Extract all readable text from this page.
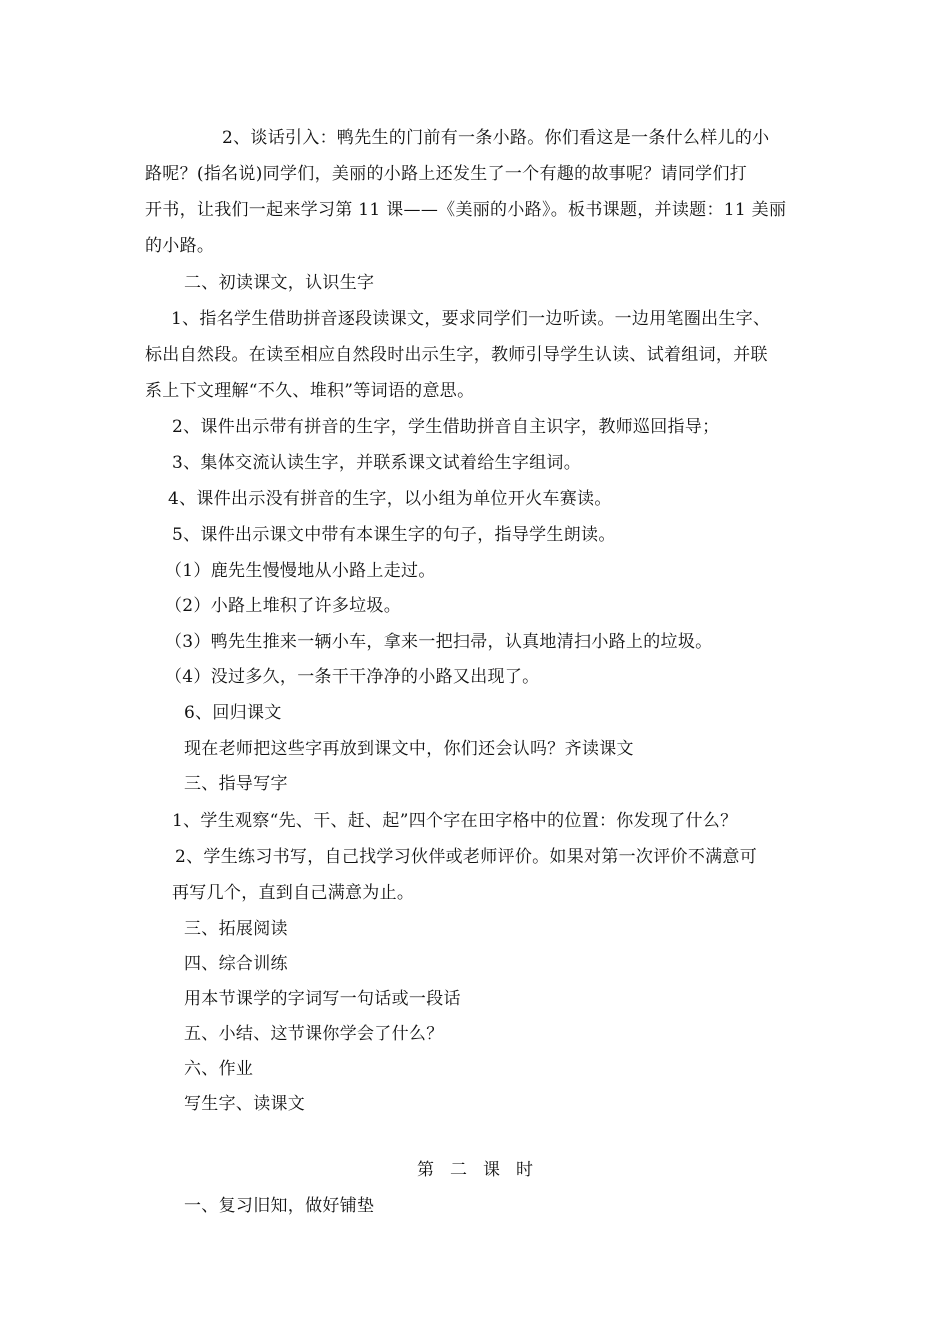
2、谈话引入：鸭先生的门前有一条小路。你们看这是一条什么样儿的小
路呢？(指名说)同学们，美丽的小路上还发生了一个有趣的故事呢？请同学们打
开书，让我们一起来学习第 11 课——《美丽的小路》。板书课题，并读题：11 美丽
的小路。
二、初读课文，认识生字
1、指名学生借助拼音逐段读课文，要求同学们一边听读。一边用笔圈出生字、
标出自然段。在读至相应自然段时出示生字，教师引导学生认读、试着组词，并联
系上下文理解“不久、堆积”等词语的意思。
2、课件出示带有拼音的生字，学生借助拼音自主识字，教师巡回指导；
3、集体交流认读生字，并联系课文试着给生字组词。
4、课件出示没有拼音的生字，以小组为单位开火车赛读。
5、课件出示课文中带有本课生字的句子，指导学生朗读。
（1）鹿先生慢慢地从小路上走过。
（2）小路上堆积了许多垃圾。
（3）鸭先生推来一辆小车，拿来一把扫帚，认真地清扫小路上的垃圾。
（4）没过多久，一条干干净净的小路又出现了。
6、回归课文
现在老师把这些字再放到课文中，你们还会认吗？齐读课文
三、指导写字
1、学生观察“先、干、赶、起”四个字在田字格中的位置：你发现了什么？
2、学生练习书写，自己找学习伙伴或老师评价。如果对第一次评价不满意可
再写几个，直到自己满意为止。
三、拓展阅读
四、综合训练
用本节课学的字词写一句话或一段话
五、小结、这节课你学会了什么？
六、作业
写生字、读课文
第二课时
一、复习旧知，做好铺垫
